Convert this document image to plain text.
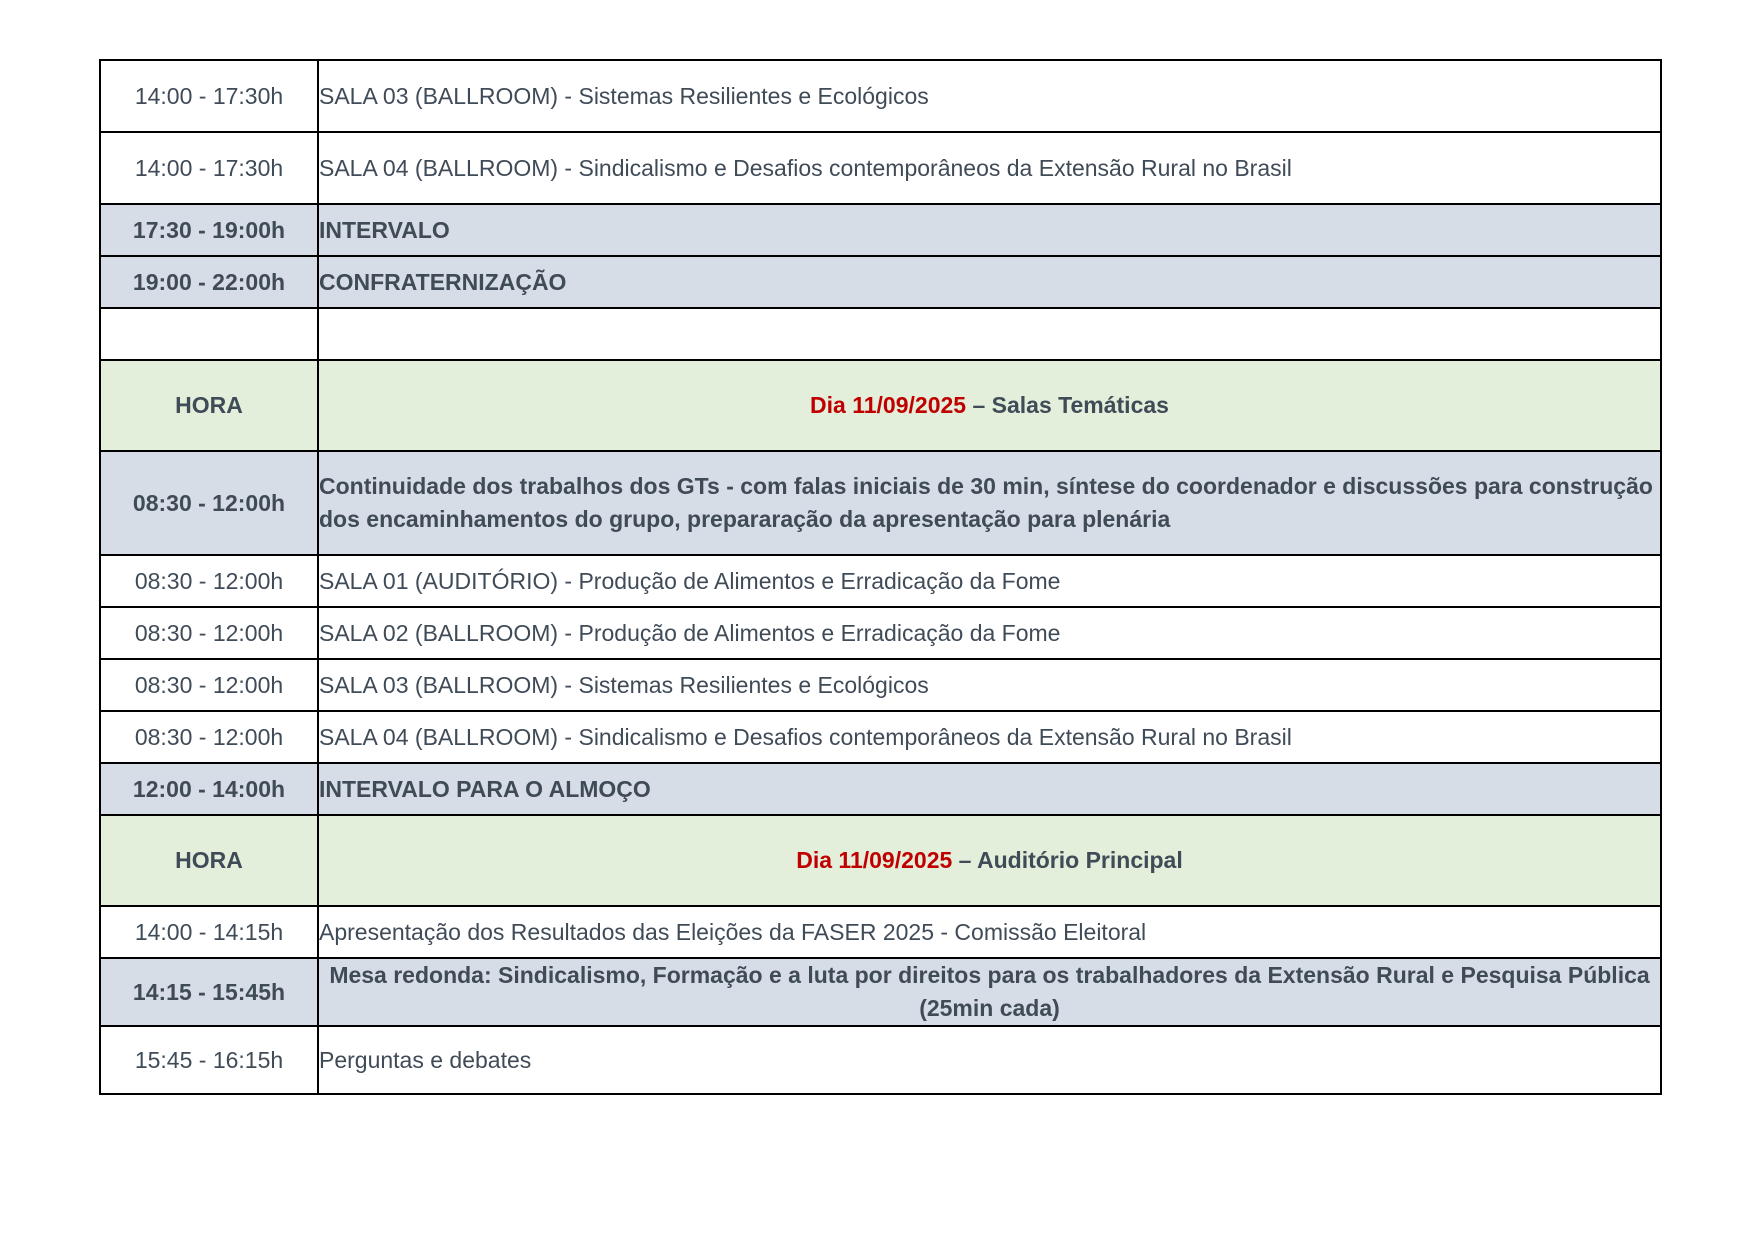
14:00 - 17:30h	SALA 03 (BALLROOM) - Sistemas Resilientes e Ecológicos
14:00 - 17:30h	SALA 04 (BALLROOM) - Sindicalismo e Desafios contemporâneos da Extensão Rural no Brasil
17:30 - 19:00h	INTERVALO
19:00 - 22:00h	CONFRATERNIZAÇÃO

HORA	Dia 11/09/2025 – Salas Temáticas
08:30 - 12:00h	Continuidade dos trabalhos dos GTs - com falas iniciais de 30 min, síntese do coordenador e discussões para construção dos encaminhamentos do grupo, prepararação da apresentação para plenária
08:30 - 12:00h	SALA 01 (AUDITÓRIO) - Produção de Alimentos e Erradicação da Fome
08:30 - 12:00h	SALA 02 (BALLROOM) - Produção de Alimentos e Erradicação da Fome
08:30 - 12:00h	SALA 03 (BALLROOM) - Sistemas Resilientes e Ecológicos
08:30 - 12:00h	SALA 04 (BALLROOM) - Sindicalismo e Desafios contemporâneos da Extensão Rural no Brasil
12:00 - 14:00h	INTERVALO PARA O ALMOÇO
HORA	Dia 11/09/2025 – Auditório Principal
14:00 - 14:15h	Apresentação dos Resultados das Eleições da FASER 2025 - Comissão Eleitoral
14:15 - 15:45h	Mesa redonda: Sindicalismo, Formação e a luta por direitos para os trabalhadores da Extensão Rural e Pesquisa Pública (25min cada)
15:45 - 16:15h	Perguntas e debates
